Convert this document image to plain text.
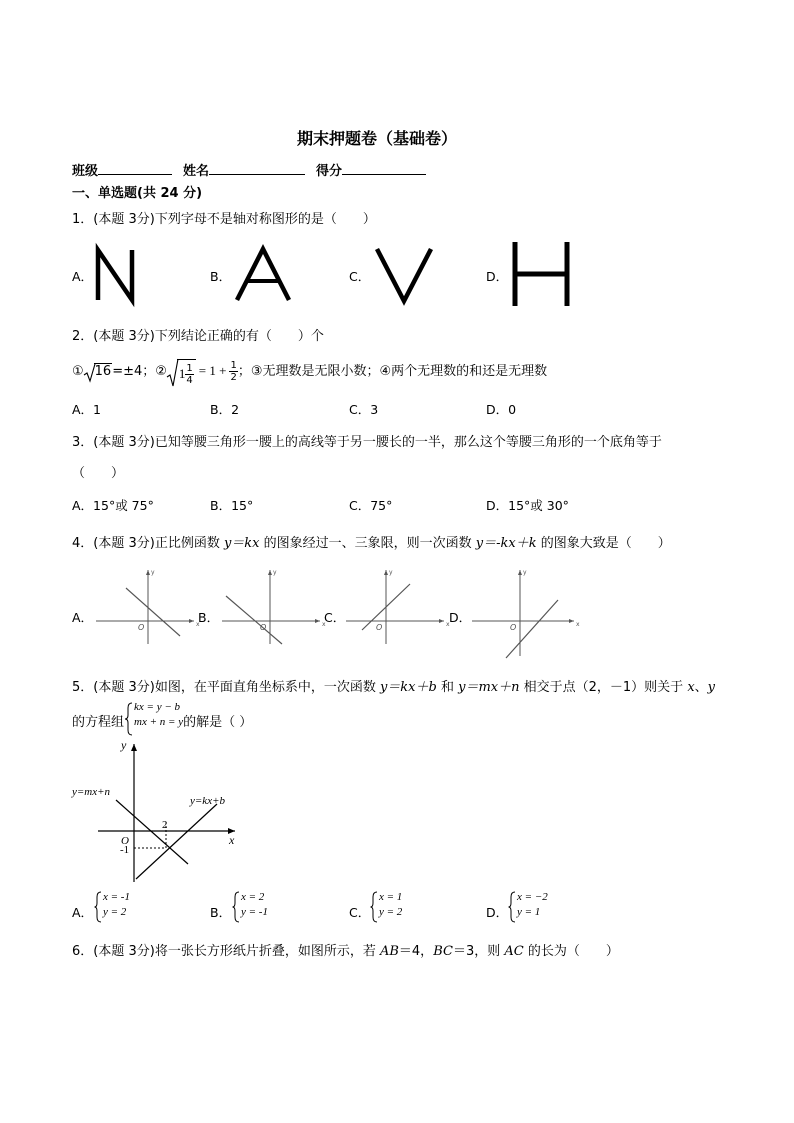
期末押题卷（基础卷）
班级	姓名	得分
一、单选题(共 24 分)
1．(本题 3分)下列字母不是轴对称图形的是（　　）
A．	B．	C．	D．
2．(本题 3分)下列结论正确的有（　　）个
① 16=±4；② $1 \frac{1}{4} = 1 + \frac{1}{2}$ ；③无理数是无限小数；④两个无理数的和还是无理数
A．1	B．2	C．3	D．0
3．(本题 3分)已知等腰三角形一腰上的高线等于另一腰长的一半，那么这个等腰三角形的一个底角等于
（　　）
A．15°或 75°	B．15°	C．75°	D．15°或 30°
4．(本题 3分)正比例函数 y＝kx 的图象经过一、三象限，则一次函数 y＝-kx＋k 的图象大致是（　　）
A．
O	x
y
B．
O	x
y
C．
O	x
y
D．
O	x
y
5．(本题 3分)如图，在平面直角坐标系中，一次函数 y＝kx＋b 和 y＝mx＋n 相交于点（2，－1）则关于 x、y
的方程组
kx = y − b
mx + n = y 的解是（ ）
y
x
O
y=mx+n
y=kx+b
2
-1
A．
x = -1
y = 2	B．
x = 2
y = -1	C．
x = 1
y = 2	D．
x = −2
y = 1
6．(本题 3分)将一张长方形纸片折叠，如图所示，若 AB＝4，BC＝3，则 AC 的长为（　　）
